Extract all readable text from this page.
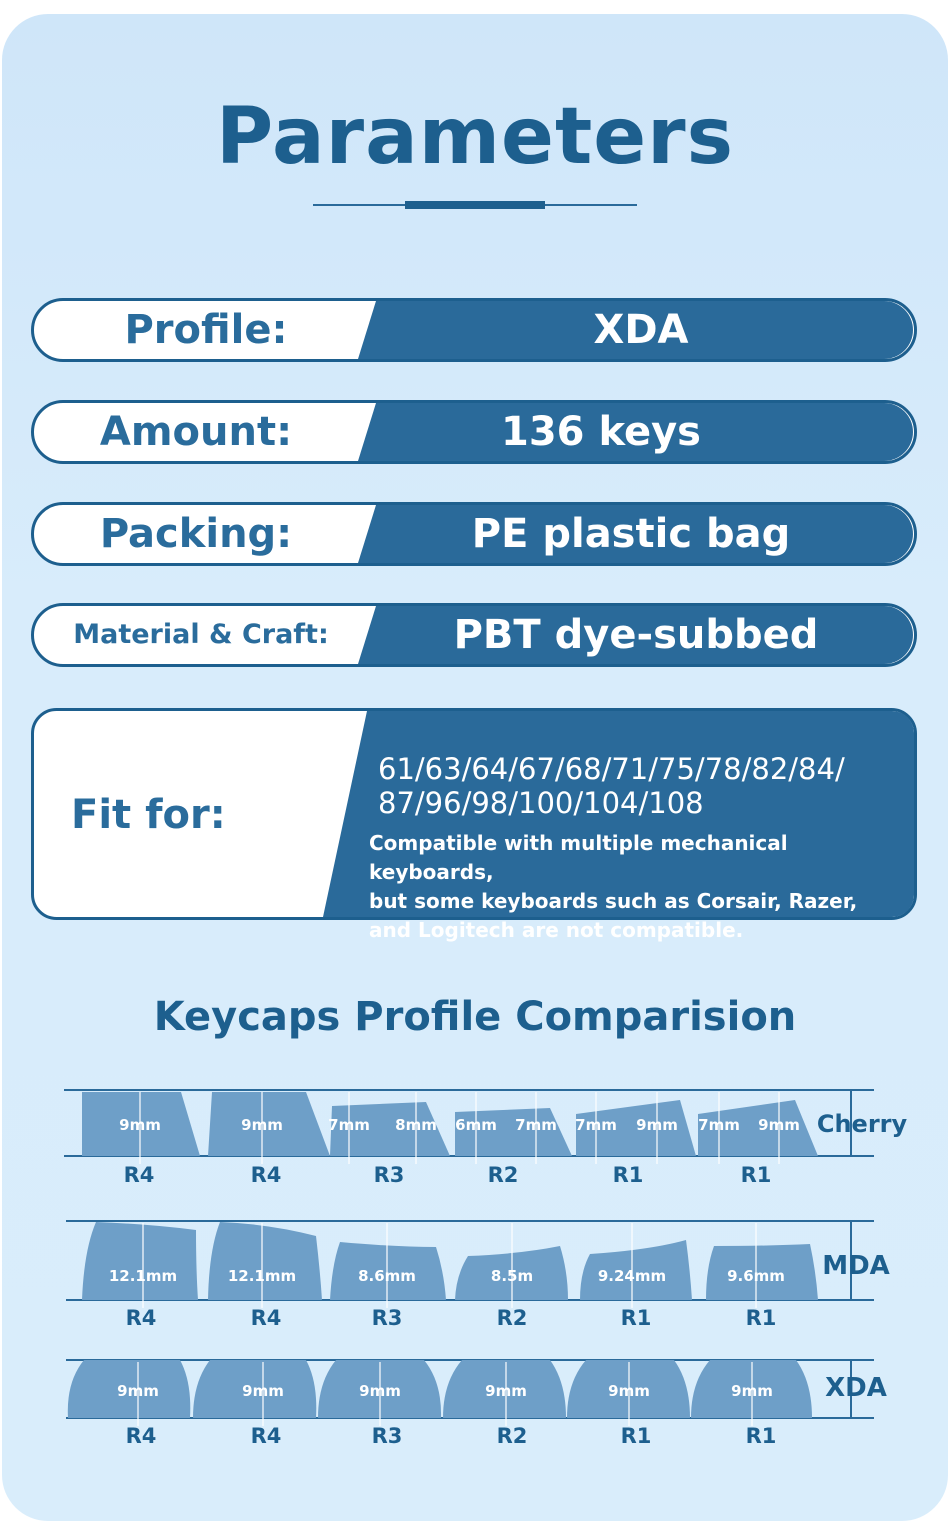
Parameters
Profile:	XDA
Amount:	136 keys
Packing:	PE plastic bag
Material & Craft:	PBT dye-subbed
Fit for:
61/63/64/67/68/71/75/78/82/84/
87/96/98/100/104/108
Compatible with multiple mechanical keyboards,
but some keyboards such as Corsair, Razer,
and Logitech are not compatible.
Keycaps Profile Comparision
9mm
R4
9mm
R4
7mm 8mm
R3
6mm 7mm
R2
7mm 9mm
R1
7mm 9mm
R1
Cherry
12.1mm
R4
12.1mm
R4
8.6mm
R3
8.5m
R2
9.24mm
R1
9.6mm
R1
MDA
9mm
R4
9mm
R4
9mm
R3
9mm
R2
9mm
R1
9mm
R1
XDA
